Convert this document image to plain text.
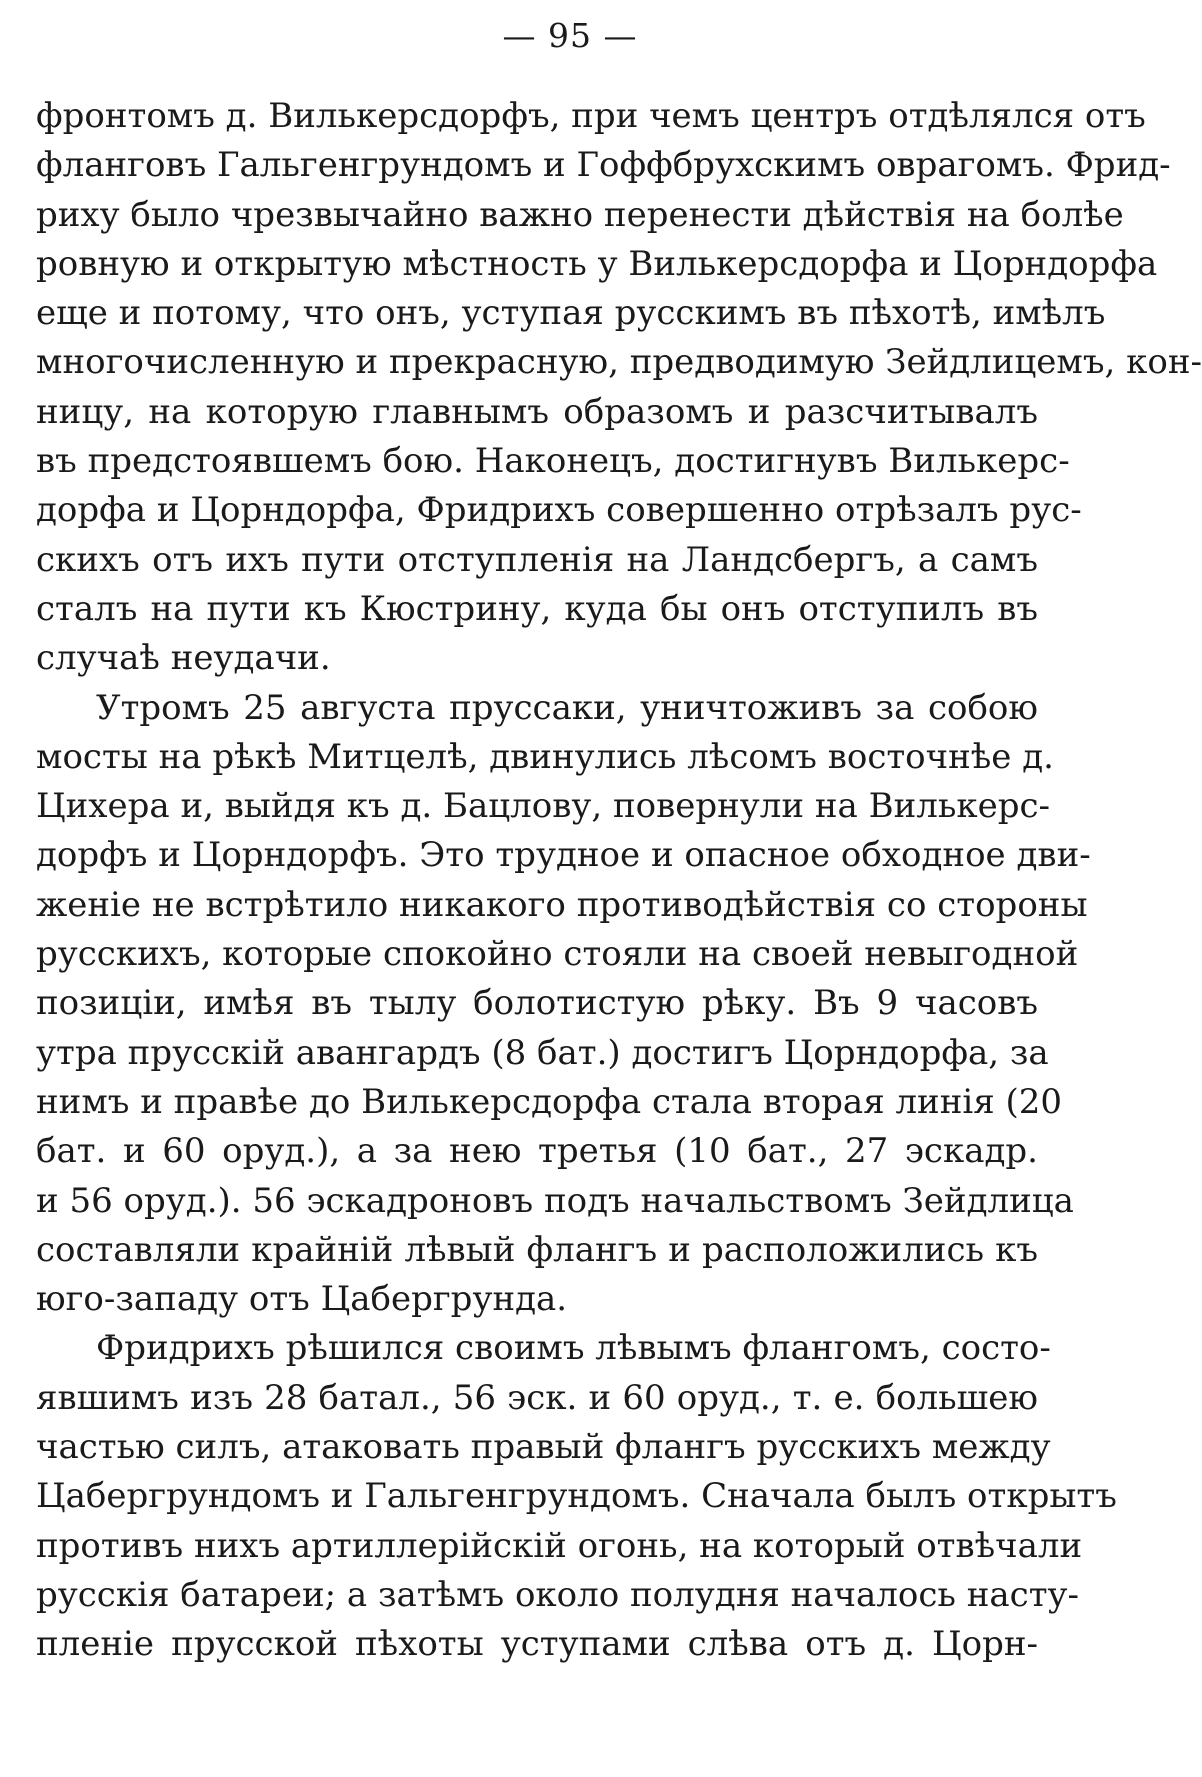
— 95 —
фронтомъ д. Вилькерсдорфъ, при чемъ центръ отдѣлялся отъ
фланговъ Гальгенгрундомъ и Гоффбрухскимъ оврагомъ. Фрид-
риху было чрезвычайно важно перенести дѣйствія на болѣе
ровную и открытую мѣстность у Вилькерсдорфа и Цорндорфа
еще и потому, что онъ, уступая русскимъ въ пѣхотѣ, имѣлъ
многочисленную и прекрасную, предводимую Зейдлицемъ, кон-
ницу, на которую главнымъ образомъ и разсчитывалъ
въ предстоявшемъ бою. Наконецъ, достигнувъ Вилькерс-
дорфа и Цорндорфа, Фридрихъ совершенно отрѣзалъ рус-
скихъ отъ ихъ пути отступленія на Ландсбергъ, а самъ
сталъ на пути къ Кюстрину, куда бы онъ отступилъ въ
случаѣ неудачи.
Утромъ 25 августа пруссаки, уничтоживъ за собою
мосты на рѣкѣ Митцелѣ, двинулись лѣсомъ восточнѣе д.
Цихера и, выйдя къ д. Бацлову, повернули на Вилькерс-
дорфъ и Цорндорфъ. Это трудное и опасное обходное дви-
женіе не встрѣтило никакого противодѣйствія со стороны
русскихъ, которые спокойно стояли на своей невыгодной
позиціи, имѣя въ тылу болотистую рѣку. Въ 9 часовъ
утра прусскій авангардъ (8 бат.) достигъ Цорндорфа, за
нимъ и правѣе до Вилькерсдорфа стала вторая линія (20
бат. и 60 оруд.), а за нею третья (10 бат., 27 эскадр.
и 56 оруд.). 56 эскадроновъ подъ начальствомъ Зейдлица
составляли крайній лѣвый флангъ и расположились къ
юго-западу отъ Цабергрунда.
Фридрихъ рѣшился своимъ лѣвымъ флангомъ, состо-
явшимъ изъ 28 батал., 56 эск. и 60 оруд., т. е. большею
частью силъ, атаковать правый флангъ русскихъ между
Цабергрундомъ и Гальгенгрундомъ. Сначала былъ открытъ
противъ нихъ артиллерійскій огонь, на который отвѣчали
русскія батареи; а затѣмъ около полудня началось насту-
пленіе прусской пѣхоты уступами слѣва отъ д. Цорн-
